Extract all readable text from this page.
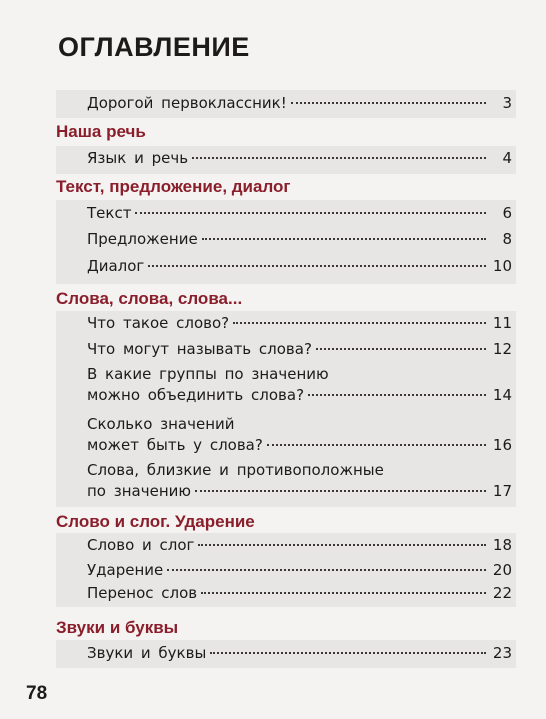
ОГЛАВЛЕНИЕ
Дорогой первоклассник!	3
Наша речь
Язык и речь	4
Текст, предложение, диалог
Текст	6
Предложение	8
Диалог	10
Слова, слова, слова...
Что такое слово?	11
Что могут называть слова?	12
В какие группы по значению
можно объединить слова?	14
Сколько значений
может быть у слова?	16
Слова, близкие и противоположные
по значению	17
Слово и слог. Ударение
Слово и слог	18
Ударение	20
Перенос слов	22
Звуки и буквы
Звуки и буквы	23
78
